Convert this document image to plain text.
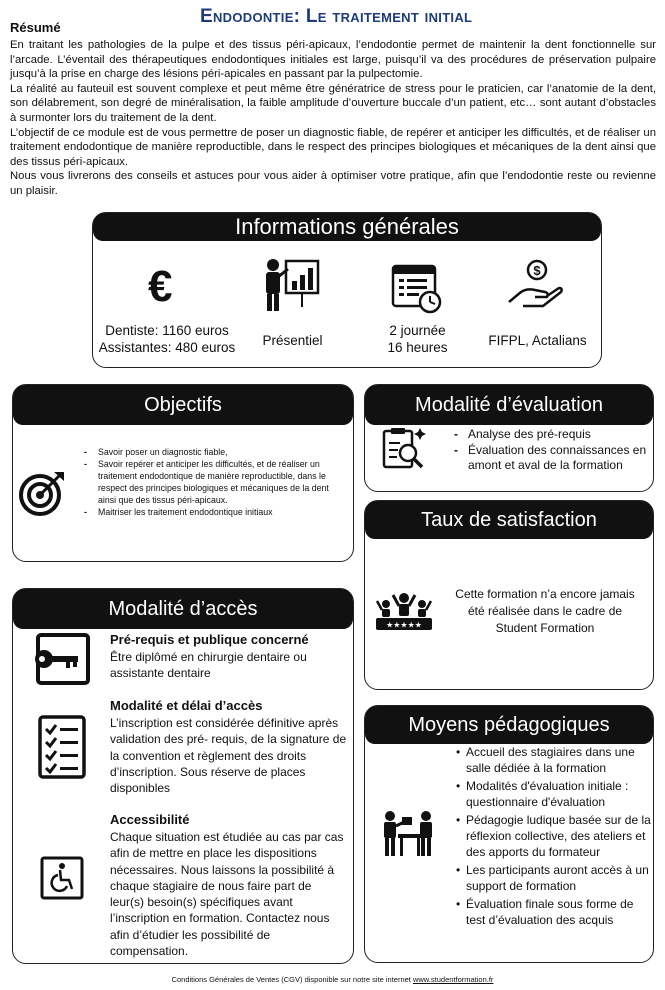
Endodontie: Le traitement initial
Résumé

En traitant les pathologies de la pulpe et des tissus péri-apicaux, l’endodontie permet de maintenir la dent fonctionnelle sur l’arcade. L’éventail des thérapeutiques endodontiques initiales est large, puisqu’il va des procédures de préservation pulpaire jusqu’à la prise en charge des lésions péri-apicales en passant par la pulpectomie.

La réalité au fauteuil est souvent complexe et peut même être génératrice de stress pour le praticien, car l’anatomie de la dent, son délabrement, son degré de minéralisation, la faible amplitude d’ouverture buccale d’un patient, etc… sont autant d’obstacles à surmonter lors du traitement de la dent.

L’objectif de ce module est de vous permettre de poser un diagnostic fiable, de repérer et anticiper les difficultés, et de réaliser un traitement endodontique de manière reproductible, dans le respect des principes biologiques et mécaniques de la dent ainsi que des tissus péri-apicaux.

Nous vous livrerons des conseils et astuces pour vous aider à optimiser votre pratique, afin que l’endodontie reste ou revienne un plaisir.

Informations générales
€	$
Dentiste: 1160 euros
Assistantes: 480 euros	Présentiel
2 journée
16 heures	FIFPL, Actalians
Objectifs
- Savoir poser un diagnostic fiable,
- Savoir repérer et anticiper les difficultés, et de réaliser un traitement endodontique de manière reproductible, dans le respect des principes biologiques et mécaniques de la dent ainsi que des tissus péri-apicaux.
- Maitriser les traitement endodontique initiaux
Modalité d’évaluation
- Analyse des pré-requis
- Évaluation des connaissances en amont et aval de la formation
Taux de satisfaction
★★★★★
Cette formation n’a encore jamais été réalisée dans le cadre de Student Formation
Modalité d’accès
Pré-requis et publique concerné
Être diplômé en chirurgie dentaire ou assistante dentaire
Modalité et délai d’accès
L’inscription est considérée définitive après validation des pré- requis, de la signature de la convention et règlement des droits d’inscription. Sous réserve de places disponibles
Accessibilité
Chaque situation est étudiée au cas par cas afin de mettre en place les dispositions nécessaires. Nous laissons la possibilité à chaque stagiaire de nous faire part de leur(s) besoin(s) spécifiques avant l’inscription en formation. Contactez nous afin d’étudier les possibilité de compensation.
Moyens pédagogiques
• Accueil des stagiaires dans une salle dédiée à la formation
• Modalités d'évaluation initiale : questionnaire d'évaluation
• Pédagogie ludique basée sur de la réflexion collective, des ateliers et des apports du formateur
• Les participants auront accès à un support de formation
• Évaluation finale sous forme de test d’évaluation des acquis
Conditions Générales de Ventes (CGV) disponible sur notre site internet www.studentformation.fr
